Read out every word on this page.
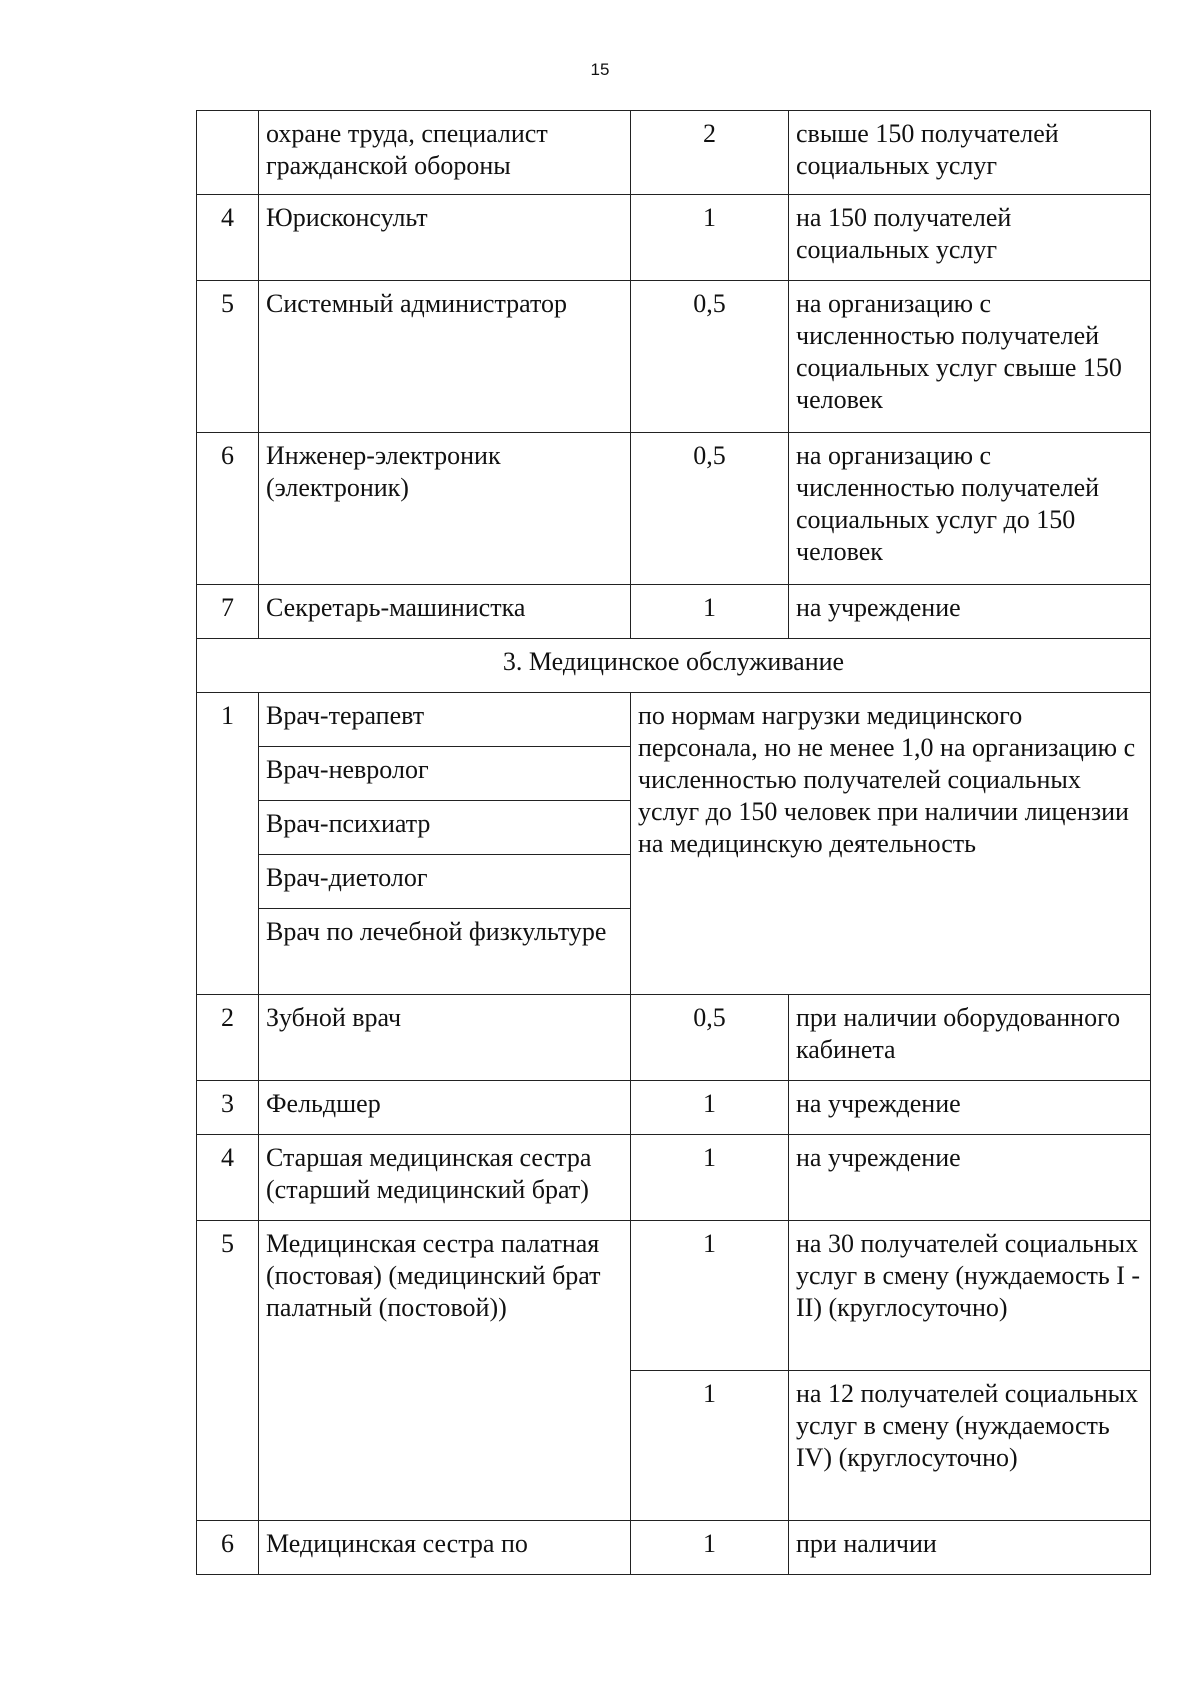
15
	охране труда, специалист гражданской обороны	2	свыше 150 получателей социальных услуг
4	Юрисконсульт	1	на 150 получателей социальных услуг
5	Системный администратор	0,5	на организацию с численностью получателей социальных услуг свыше 150 человек
6	Инженер-электроник (электроник)	0,5	на организацию с численностью получателей социальных услуг до 150 человек
7	Секретарь-машинистка	1	на учреждение
3. Медицинское обслуживание			
1	Врач-терапевт	по нормам нагрузки медицинского персонала, но не менее 1,0 на организацию с численностью получателей социальных услуг до 150 человек при наличии лицензии на медицинскую деятельность	
	Врач-невролог		
	Врач-психиатр		
	Врач-диетолог		
	Врач по лечебной физкультуре		
2	Зубной врач	0,5	при наличии оборудованного кабинета
3	Фельдшер	1	на учреждение
4	Старшая медицинская сестра (старший медицинский брат)	1	на учреждение
5	Медицинская сестра палатная (постовая) (медицинский брат палатный (постовой))	1	на 30 получателей социальных услуг в смену (нуждаемость I - II) (круглосуточно)
		1	на 12 получателей социальных услуг в смену (нуждаемость IV) (круглосуточно)
6	Медицинская сестра по	1	при наличии
